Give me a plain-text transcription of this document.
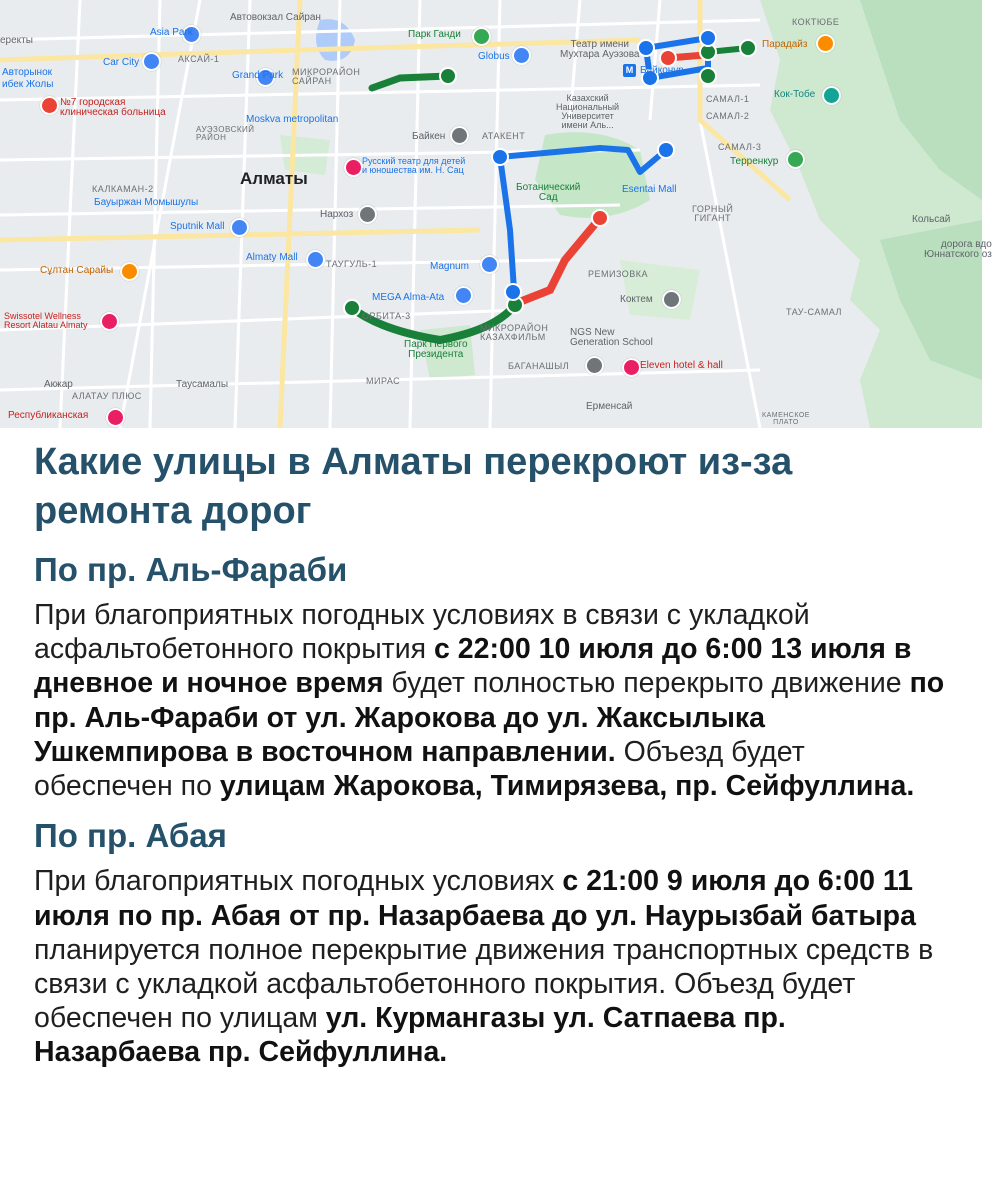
еректы
Автовокзал Сайран
Asia Park
АКСАЙ-1
Car City
Авторынок
ибек Жолы
№7 городская
клиническая больница
Grand Park МИКРОРАЙОН
САЙРАН
Парк Ганди
Globus
Театр имени
Мухтара Ауэзова
M Байконур
КОКТЮБЕ
Парадайз
САМАЛ-1 Кок-Тобе
САМАЛ-2
САМАЛ-3
Терренкур
Казахский
Национальный
Университет
имени Аль...
АТАКЕНТ
Байкен
Moskva metropolitan
АУЭЗОВСКИЙ
РАЙОН
Алматы
Русский театр для детей
и юношества им. Н. Сац
КАЛКАМАН-2
Бауыржан Момышулы
Sputnik Mall
Нархоз
Ботанический
Сад
Esentai Mall
ГОРНЫЙ
ГИГАНТ	Кольсай
дорога вдо
Юннатского оз
Сұлтан Сарайы
Almaty Mall
ТАУГУЛЬ-1	Magnum
РЕМИЗОВКА
Коктем
ТАУ-САМАЛ
Swissotel Wellness
Resort Alatau Almaty
MEGA Alma-Ata
ОРБИТА-3
МИКРОРАЙОН
КАЗАХФИЛЬМ NGS New
Generation School
Парк Первого
Президента
БАГАНАШЫЛ	Eleven hotel & hall
Акжар
АЛАТАУ ПЛЮС
Таусамалы	МИРАС
Республиканская
Ерменсай
КАМЕНСКОЕ
ПЛАТО
Какие улицы в Алматы перекроют из-за ремонта дорог
По пр. Аль-Фараби

При благоприятных погодных условиях в связи с укладкой асфальтобетонного покрытия с 22:00 10 июля до 6:00 13 июля в дневное и ночное время будет полностью перекрыто движение по пр. Аль-Фараби от ул. Жарокова до ул. Жаксылыка Ушкемпирова в восточном направлении. Объезд будет обеспечен по улицам Жарокова, Тимирязева, пр. Сейфуллина.

По пр. Абая

При благоприятных погодных условиях с 21:00 9 июля до 6:00 11 июля по пр. Абая от пр. Назарбаева до ул. Наурызбай батыра планируется полное перекрытие движения транспортных средств в связи с укладкой асфальтобетонного покрытия. Объезд будет обеспечен по улицам ул. Курмангазы ул. Сатпаева пр. Назарбаева пр. Сейфуллина.
